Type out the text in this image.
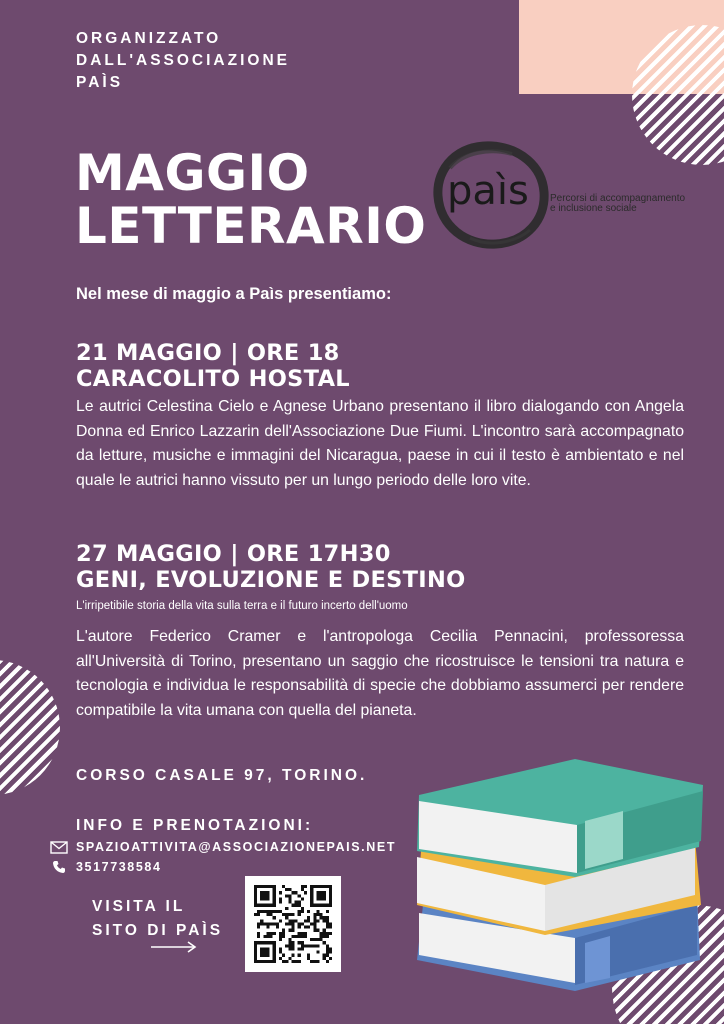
ORGANIZZATO
DALL'ASSOCIAZIONE
PAÌS
MAGGIO
LETTERARIO
paìs Percorsi di accompagnamento
e inclusione sociale
Nel mese di maggio a Paìs presentiamo:
21 MAGGIO | ORE 18
CARACOLITO HOSTAL
Le autrici Celestina Cielo e Agnese Urbano presentano il libro dialogando con Angela Donna ed Enrico Lazzarin dell'Associazione Due Fiumi. L'incontro sarà accompagnato da letture, musiche e immagini del Nicaragua, paese in cui il testo è ambientato e nel quale le autrici hanno vissuto per un lungo periodo delle loro vite.
27 MAGGIO | ORE 17H30
GENI, EVOLUZIONE E DESTINO
L'irripetibile storia della vita sulla terra e il futuro incerto dell'uomo
L'autore Federico Cramer e l'antropologa Cecilia Pennacini, professoressa all'Università di Torino, presentano un saggio che ricostruisce le tensioni tra natura e tecnologia e individua le responsabilità di specie che dobbiamo assumerci per rendere compatibile la vita umana con quella del pianeta.
CORSO CASALE 97, TORINO.
INFO E PRENOTAZIONI:
SPAZIOATTIVITA@ASSOCIAZIONEPAIS.NET
3517738584
VISITA IL
SITO DI PAÌS
